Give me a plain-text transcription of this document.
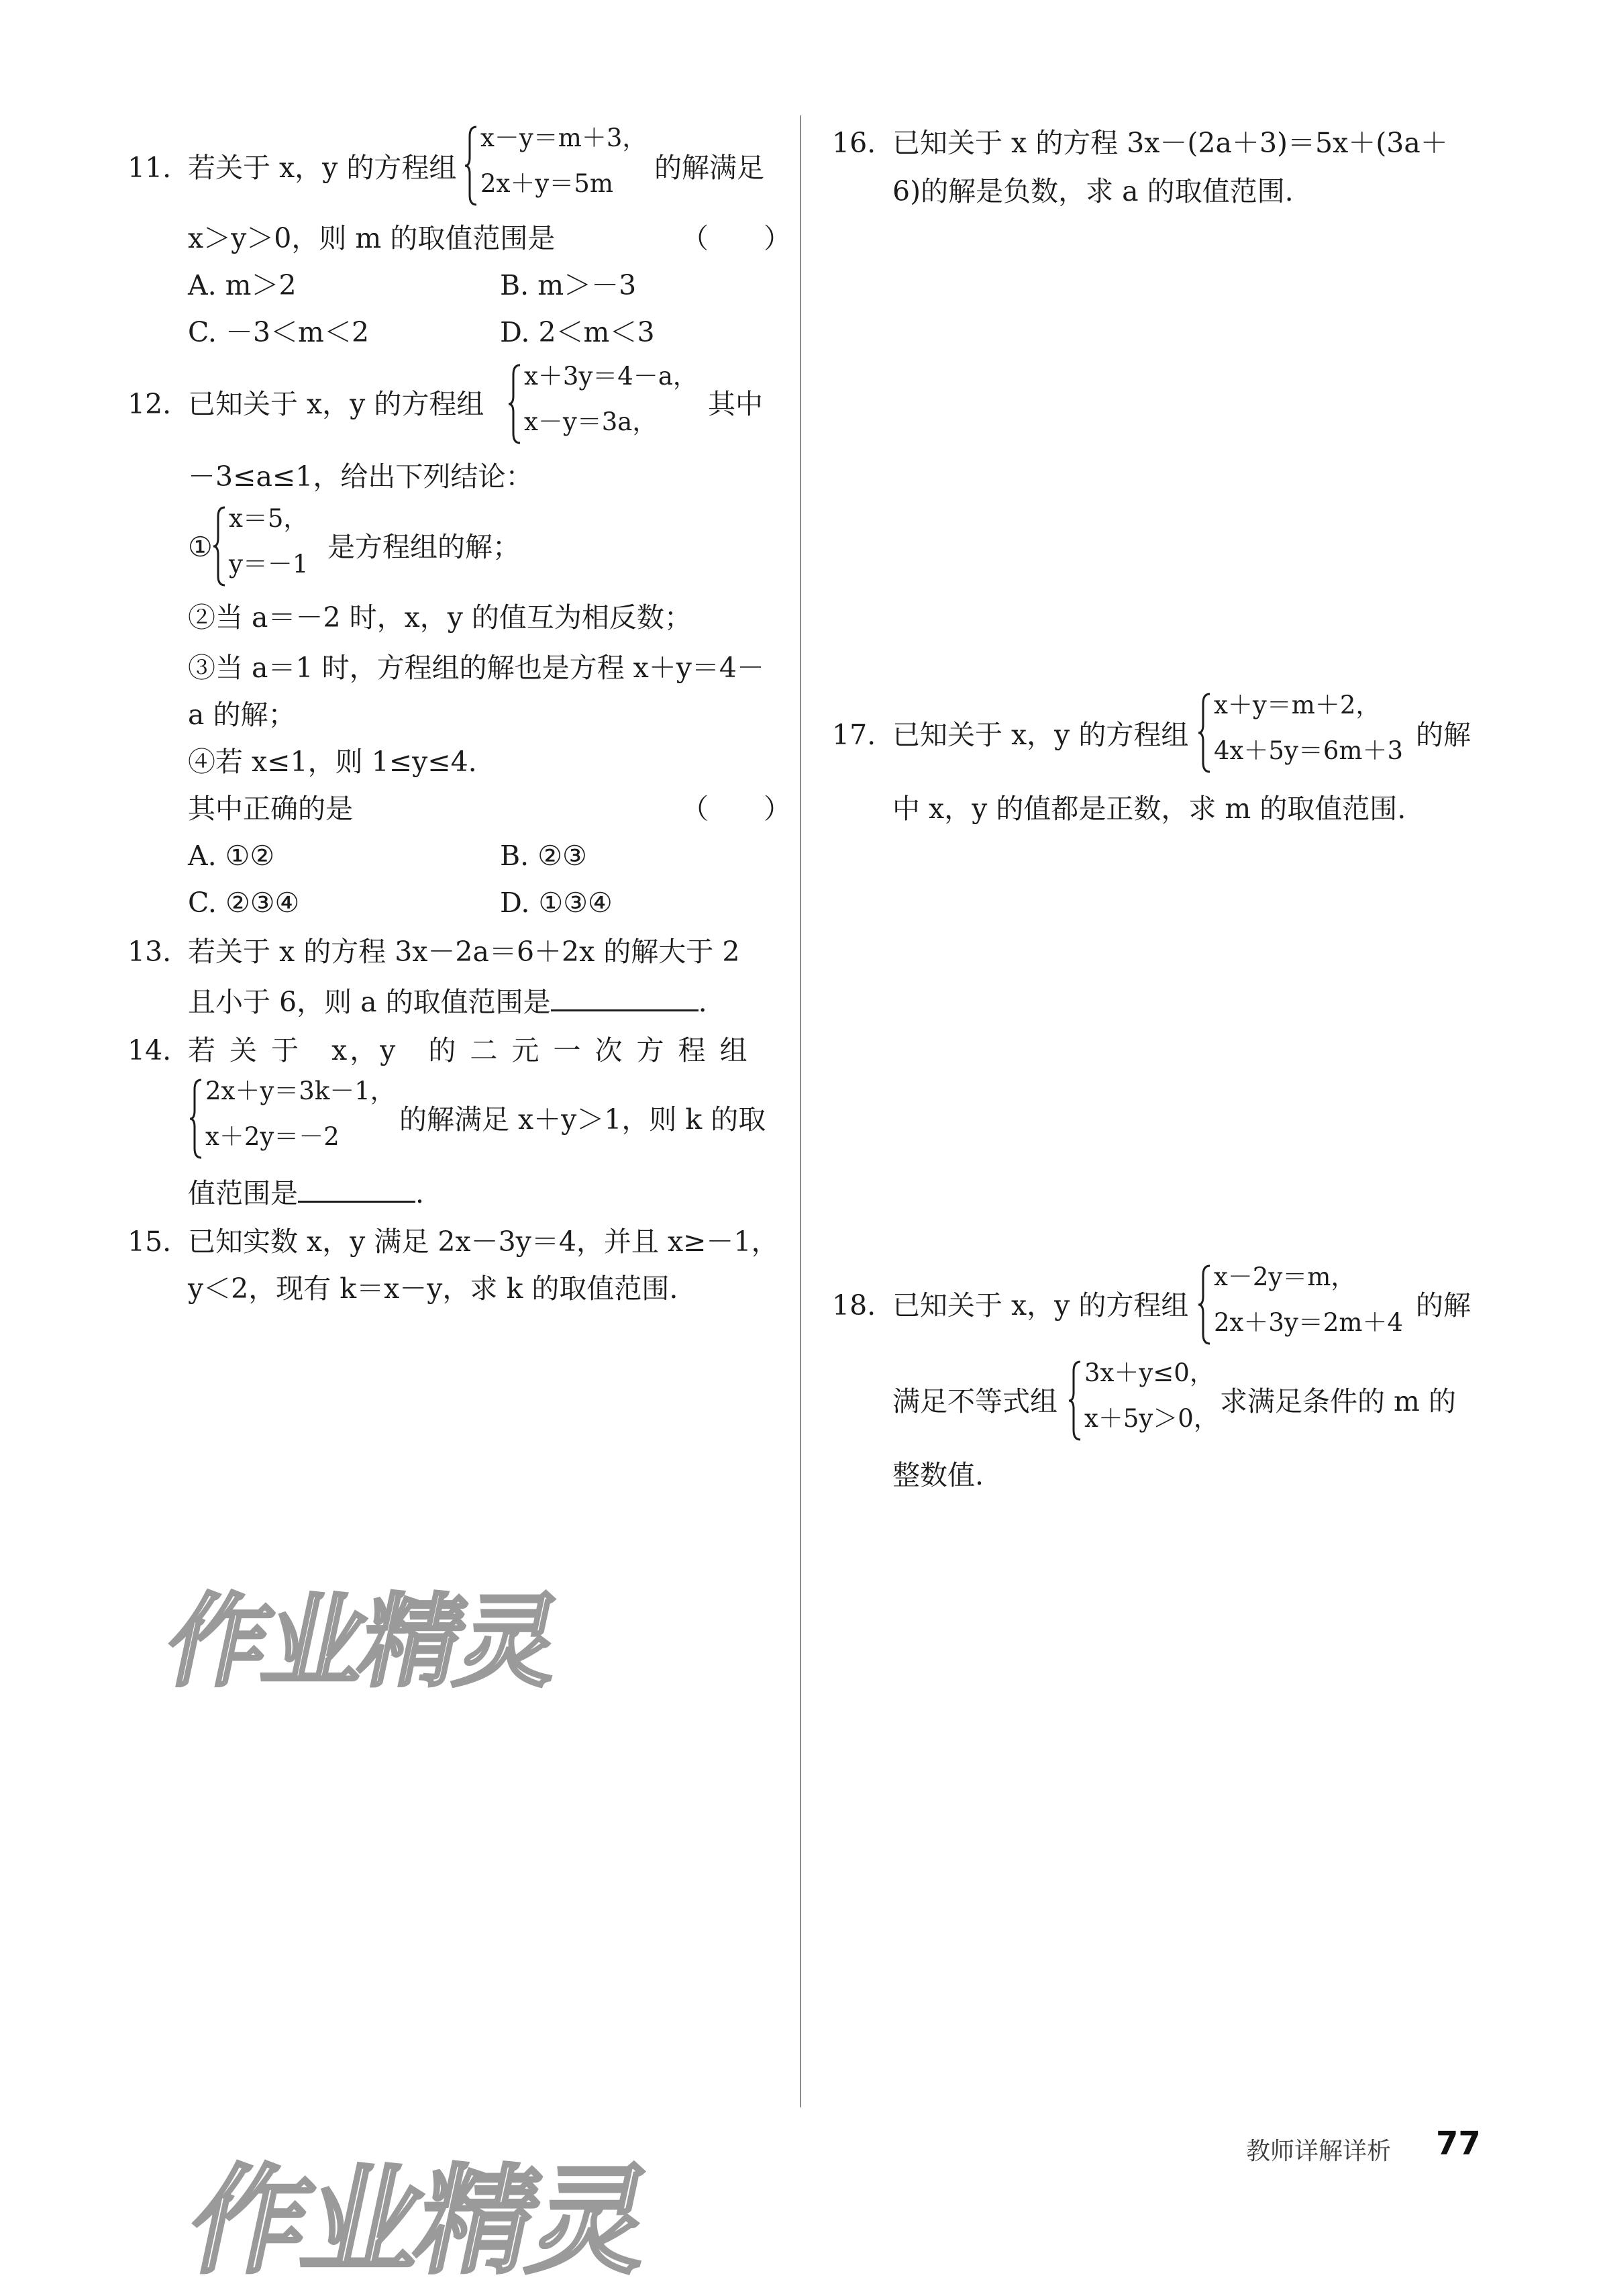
11. 若关于 x，y 的方程组
x－y＝m＋3，
2x＋y＝5m 的解满足
x＞y＞0，则 m 的取值范围是	（　　）
A. m＞2	B. m＞－3
C. －3＜m＜2	D. 2＜m＜3
12. 已知关于 x，y 的方程组
x＋3y＝4－a，
x－y＝3a，
其中
－3≤a≤1，给出下列结论：
①
x＝5，
y＝－1
是方程组的解；
②当 a＝－2 时，x，y 的值互为相反数；
③当 a＝1 时，方程组的解也是方程 x＋y＝4－
a 的解；
④若 x≤1，则 1≤y≤4.
其中正确的是	（　　）
A. ①②	B. ②③
C. ②③④	D. ①③④
13. 若关于 x 的方程 3x－2a＝6＋2x 的解大于 2
且小于 6，则 a 的取值范围是	.
14. 若 关 于　x，y　的 二 元 一 次 方 程 组
2x＋y＝3k－1，
x＋2y＝－2
的解满足 x＋y＞1，则 k 的取
值范围是	.
15. 已知实数 x，y 满足 2x－3y＝4，并且 x≥－1，
y＜2，现有 k＝x－y，求 k 的取值范围.
16. 已知关于 x 的方程 3x－(2a＋3)＝5x＋(3a＋
6)的解是负数，求 a 的取值范围.
17. 已知关于 x，y 的方程组
x＋y＝m＋2，
4x＋5y＝6m＋3 的解
中 x，y 的值都是正数，求 m 的取值范围.
18. 已知关于 x，y 的方程组
x－2y＝m，
2x＋3y＝2m＋4
的解
满足不等式组
3x＋y≤0，
x＋5y＞0，
求满足条件的 m 的
整数值.
作业精灵
作业精灵
教师详解详析 77
